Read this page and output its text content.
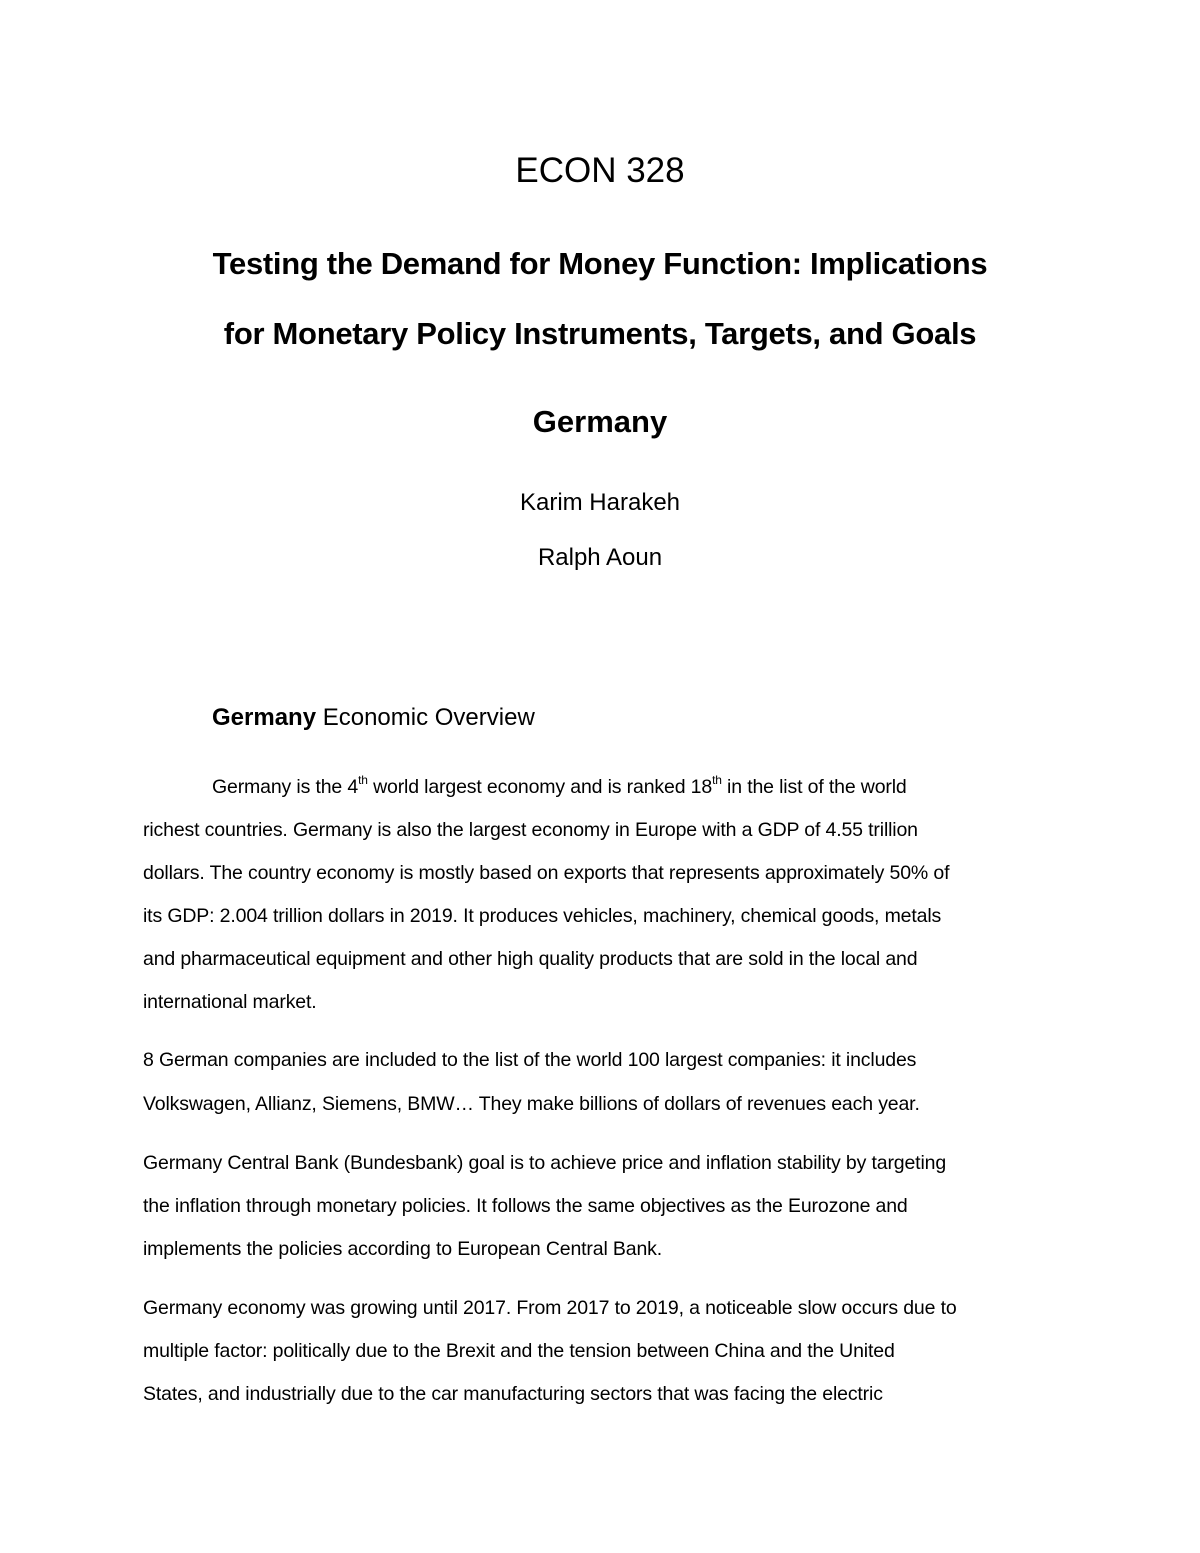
ECON 328
Testing the Demand for Money Function: Implications
for Monetary Policy Instruments, Targets, and Goals
Germany
Karim Harakeh
Ralph Aoun
Germany Economic Overview
Germany is the 4th world largest economy and is ranked 18th in the list of the world
richest countries. Germany is also the largest economy in Europe with a GDP of 4.55 trillion
dollars. The country economy is mostly based on exports that represents approximately 50% of
its GDP: 2.004 trillion dollars in 2019. It produces vehicles, machinery, chemical goods, metals
and pharmaceutical equipment and other high quality products that are sold in the local and
international market.
8 German companies are included to the list of the world 100 largest companies: it includes
Volkswagen, Allianz, Siemens, BMW… They make billions of dollars of revenues each year.
Germany Central Bank (Bundesbank) goal is to achieve price and inflation stability by targeting
the inflation through monetary policies. It follows the same objectives as the Eurozone and
implements the policies according to European Central Bank.
Germany economy was growing until 2017. From 2017 to 2019, a noticeable slow occurs due to
multiple factor: politically due to the Brexit and the tension between China and the United
States, and industrially due to the car manufacturing sectors that was facing the electric
